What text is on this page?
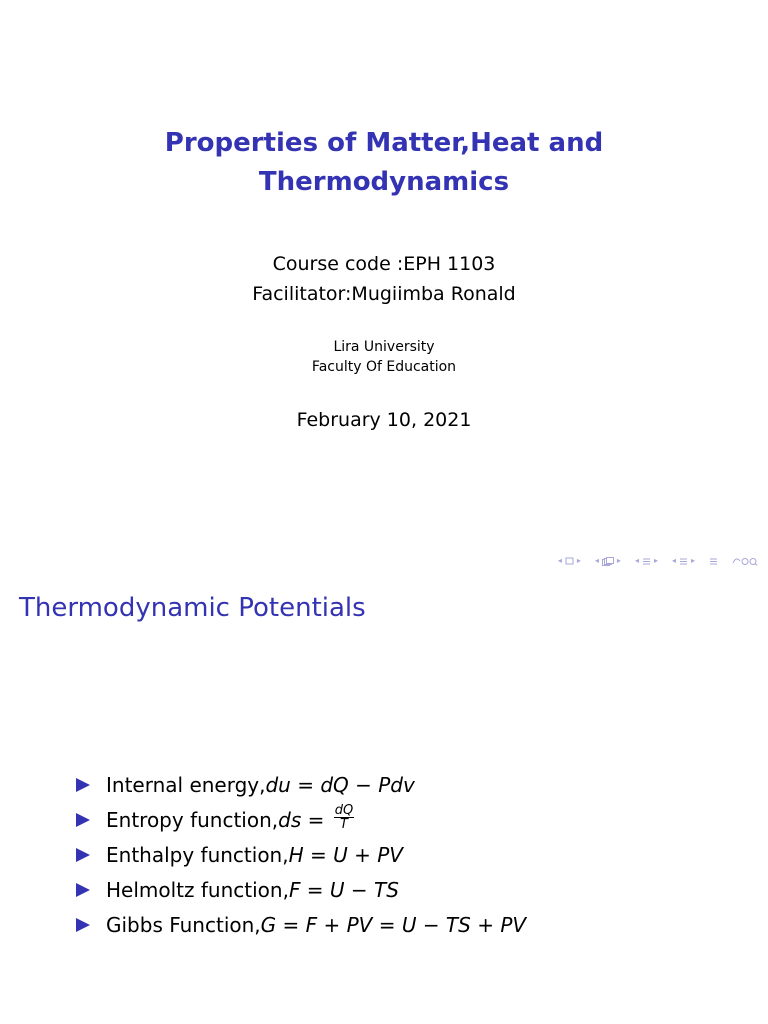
Properties of Matter,Heat and
Thermodynamics
Course code :EPH 1103
Facilitator:Mugiimba Ronald
Lira University
Faculty Of Education
February 10, 2021
◂ ▸ ◂ ▸ ◂ ▸ ◂ ▸
Thermodynamic Potentials
Internal energy, du = dQ − Pdv
Entropy function, ds = $\frac{dQ}{T}$
Enthalpy function, H = U + PV
Helmoltz function, F = U − TS
Gibbs Function, G = F + PV = U − TS + PV
